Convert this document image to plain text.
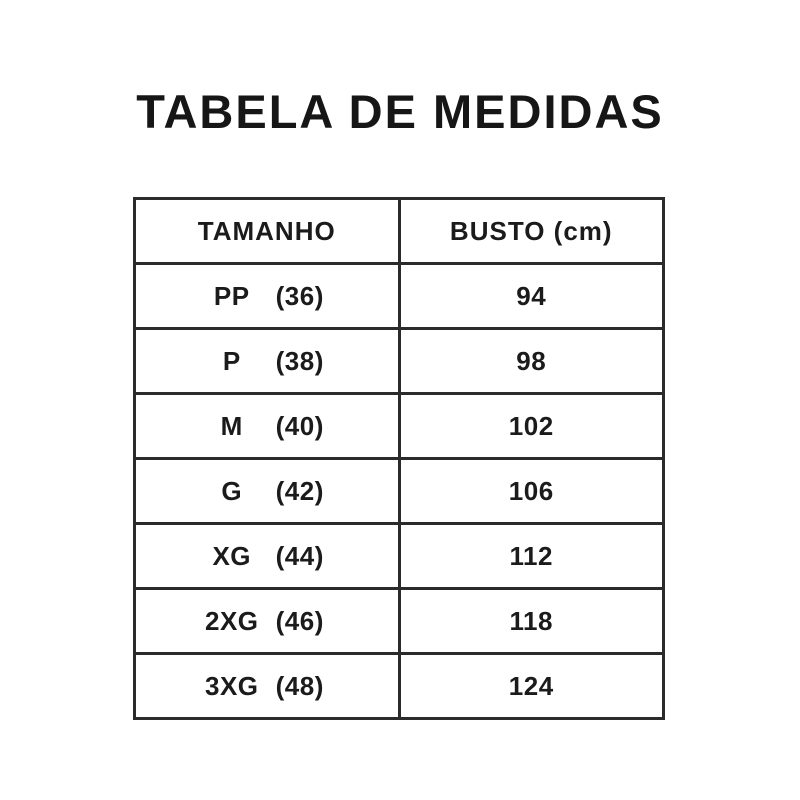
TABELA DE MEDIDAS
TAMANHO	BUSTO (cm)

PP (36)	94

P (38)	98

M (40)	102

G (42)	106

XG (44)	112

2XG (46)	118

3XG (48)	124
